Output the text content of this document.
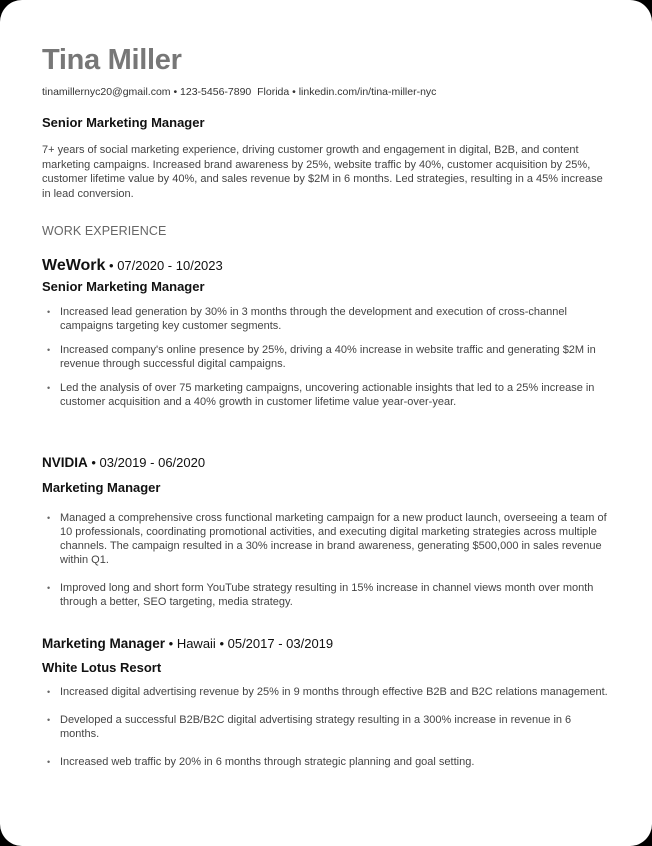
Tina Miller
tinamillernyc20@gmail.com • 123-5456-7890  Florida • linkedin.com/in/tina-miller-nyc
Senior Marketing Manager
7+ years of social marketing experience, driving customer growth and engagement in digital, B2B, and content marketing campaigns. Increased brand awareness by 25%, website traffic by 40%, customer acquisition by 25%, customer lifetime value by 40%, and sales revenue by $2M in 6 months. Led strategies, resulting in a 45% increase in lead conversion.
WORK EXPERIENCE
WeWork • 07/2020 - 10/2023
Senior Marketing Manager
• Increased lead generation by 30% in 3 months through the development and execution of cross-channel campaigns targeting key customer segments.
• Increased company's online presence by 25%, driving a 40% increase in website traffic and generating $2M in revenue through successful digital campaigns.
• Led the analysis of over 75 marketing campaigns, uncovering actionable insights that led to a 25% increase in customer acquisition and a 40% growth in customer lifetime value year-over-year.
NVIDIA • 03/2019 - 06/2020
Marketing Manager
• Managed a comprehensive cross functional marketing campaign for a new product launch, overseeing a team of 10 professionals, coordinating promotional activities, and executing digital marketing strategies across multiple channels. The campaign resulted in a 30% increase in brand awareness, generating $500,000 in sales revenue within Q1.
• Improved long and short form YouTube strategy resulting in 15% increase in channel views month over month through a better, SEO targeting, media strategy.
Marketing Manager • Hawaii • 05/2017 - 03/2019
White Lotus Resort
• Increased digital advertising revenue by 25% in 9 months through effective B2B and B2C relations management.
• Developed a successful B2B/B2C digital advertising strategy resulting in a 300% increase in revenue in 6 months.
• Increased web traffic by 20% in 6 months through strategic planning and goal setting.
